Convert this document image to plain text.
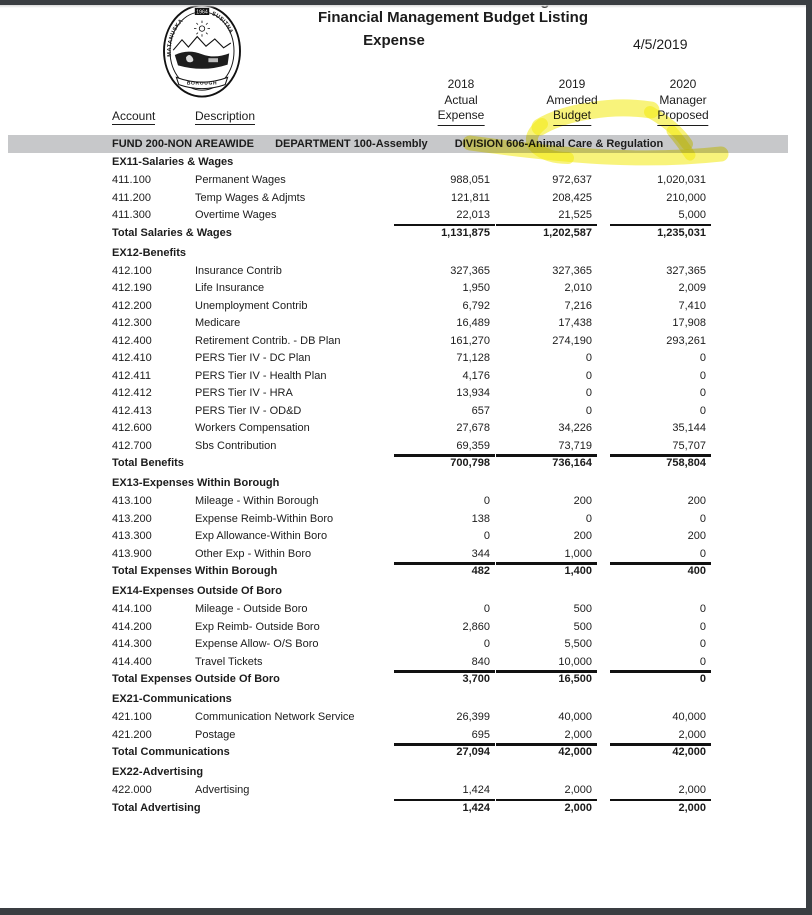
MATANUSKA
SUSITNA
1964
BOROUGH
Financial Management Budget Listing
Expense	4/5/2019
2018
Actual
Expense
2019
Amended
Budget
2020
Manager
Proposed
Account	Description
FUND 200-NON AREAWIDE DEPARTMENT 100-Assembly DIVISION 606-Animal Care & Regulation
EX11-Salaries & Wages
411.100	Permanent Wages	988,051	972,637	1,020,031
411.200	Temp Wages & Adjmts	121,811	208,425	210,000
411.300	Overtime Wages	22,013	21,525	5,000
Total Salaries & Wages	1,131,875	1,202,587	1,235,031
EX12-Benefits
412.100	Insurance Contrib	327,365	327,365	327,365
412.190	Life Insurance	1,950	2,010	2,009
412.200	Unemployment Contrib	6,792	7,216	7,410
412.300	Medicare	16,489	17,438	17,908
412.400	Retirement Contrib. - DB Plan	161,270	274,190	293,261
412.410	PERS Tier IV - DC Plan	71,128	0	0
412.411	PERS Tier IV - Health Plan	4,176	0	0
412.412	PERS Tier IV - HRA	13,934	0	0
412.413	PERS Tier IV - OD&D	657	0	0
412.600	Workers Compensation	27,678	34,226	35,144
412.700	Sbs Contribution	69,359	73,719	75,707
Total Benefits	700,798	736,164	758,804
EX13-Expenses Within Borough
413.100	Mileage - Within Borough	0	200	200
413.200	Expense Reimb-Within Boro	138	0	0
413.300	Exp Allowance-Within Boro	0	200	200
413.900	Other Exp - Within Boro	344	1,000	0
Total Expenses Within Borough	482	1,400	400
EX14-Expenses Outside Of Boro
414.100	Mileage - Outside Boro	0	500	0
414.200	Exp Reimb- Outside Boro	2,860	500	0
414.300	Expense Allow- O/S Boro	0	5,500	0
414.400	Travel Tickets	840	10,000	0
Total Expenses Outside Of Boro	3,700	16,500	0
EX21-Communications
421.100	Communication Network Service	26,399	40,000	40,000
421.200	Postage	695	2,000	2,000
Total Communications	27,094	42,000	42,000
EX22-Advertising
422.000	Advertising	1,424	2,000	2,000
Total Advertising	1,424	2,000	2,000
